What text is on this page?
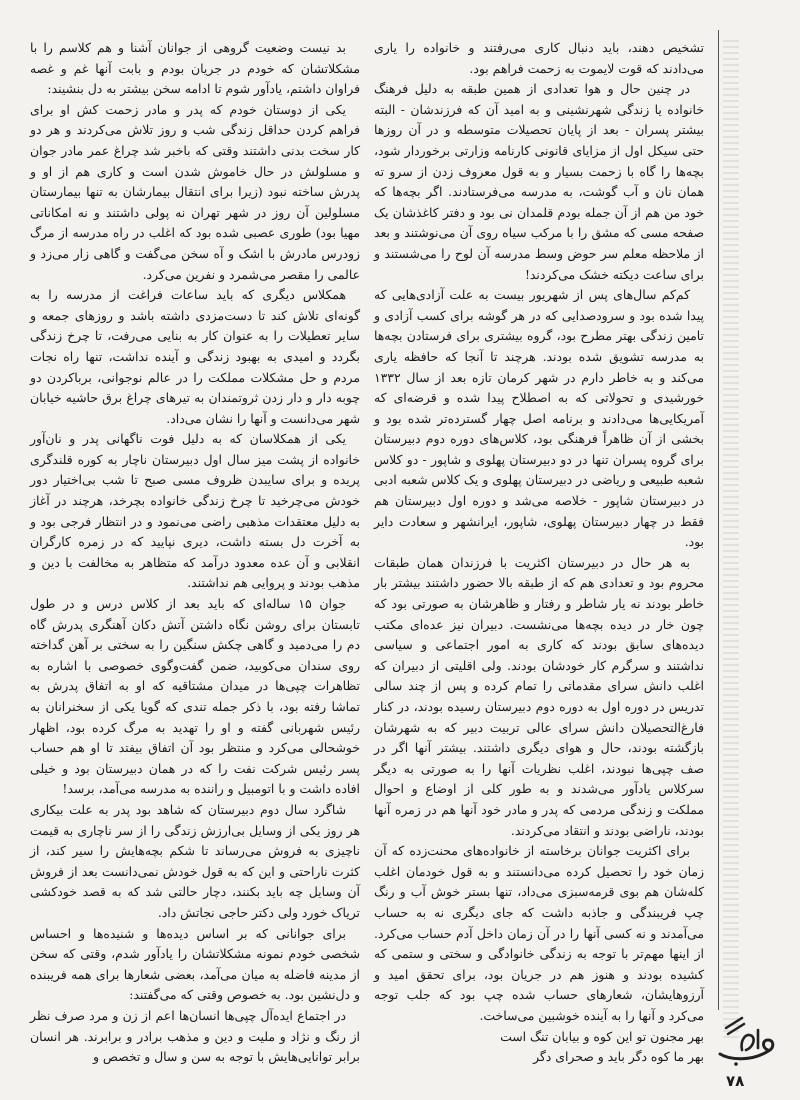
تشخیص دهند، باید دنبال کاری می‌رفتند و خانواده را یاری می‌دادند که قوت لایموت به زحمت فراهم بود.

در چنین حال و هوا تعدادی از همین طبقه به دلیل فرهنگ خانواده یا زندگی شهرنشینی و به امید آن که فرزندشان - البته بیشتر پسران - بعد از پایان تحصیلات متوسطه و در آن روزها حتی سیکل اول از مزایای قانونی کارنامه وزارتی برخوردار شود، بچه‌ها را گاه با زحمت بسیار و به قول معروف زدن از سرو ته همان نان و آب گوشت، به مدرسه می‌فرستادند. اگر بچه‌ها که خود من هم از آن جمله بودم قلمدان نی بود و دفتر کاغذشان یک صفحه مسی که مشق را با مرکب سیاه روی آن می‌نوشتند و بعد از ملاحظه معلم سر حوض وسط مدرسه آن لوح را می‌شستند و برای ساعت دیکته خشک می‌کردند!

کم‌کم سال‌های پس از شهریور بیست به علت آزادی‌هایی که پیدا شده بود و سرودصدایی که در هر گوشه برای کسب آزادی و تامین زندگی بهتر مطرح بود، گروه بیشتری برای فرستادن بچه‌ها به مدرسه تشویق شده بودند. هرچند تا آنجا که حافظه یاری می‌کند و به خاطر دارم در شهر کرمان تازه بعد از سال ۱۳۳۲ خورشیدی و تحولاتی که به اصطلاح پیدا شده و قرضه‌ای که آمریکایی‌ها می‌دادند و برنامه اصل چهار گسترده‌تر شده بود و بخشی از آن ظاهراً فرهنگی بود، کلاس‌های دوره دوم دبیرستان برای گروه پسران تنها در دو دبیرستان پهلوی و شاپور - دو کلاس شعبه طبیعی و ریاضی در دبیرستان پهلوی و یک کلاس شعبه ادبی در دبیرستان شاپور - خلاصه می‌شد و دوره اول دبیرستان هم فقط در چهار دبیرستان پهلوی، شاپور، ایرانشهر و سعادت دایر بود.

به هر حال در دبیرستان اکثریت با فرزندان همان طبقات محروم بود و تعدادی هم که از طبقه بالا حضور داشتند بیشتر بار خاطر بودند نه یار شاطر و رفتار و ظاهرشان به صورتی بود که چون خار در دیده بچه‌ها می‌نشست. دبیران نیز عده‌ای مکتب دیده‌های سابق بودند که کاری به امور اجتماعی و سیاسی نداشتند و سرگرم کار خودشان بودند. ولی اقلیتی از دبیران که اغلب دانش سرای مقدماتی را تمام کرده و پس از چند سالی تدریس در دوره اول به دوره دوم دبیرستان رسیده بودند، در کنار فارغ‌التحصیلان دانش سرای عالی تربیت دبیر که به شهرشان بازگشته بودند، حال و هوای دیگری داشتند. بیشتر آنها اگر در صف چپی‌ها نبودند، اغلب نظریات آنها را به صورتی به دیگر سرکلاس یادآور می‌شدند و به طور کلی از اوضاع و احوال مملکت و زندگی مردمی که پدر و مادر خود آنها هم در زمره آنها بودند، ناراضی بودند و انتقاد می‌کردند.

برای اکثریت جوانان برخاسته از خانواده‌های محنت‌زده که آن زمان خود را تحصیل کرده می‌دانستند و به قول خودمان اغلب کله‌شان هم بوی قرمه‌سبزی می‌داد، تنها بستر خوش آب و رنگ چپ فریبندگی و جاذبه داشت که جای دیگری نه به حساب می‌آمدند و نه کسی آنها را در آن زمان داخل آدم حساب می‌کرد. از اینها مهم‌تر با توجه به زندگی خانوادگی و سختی و ستمی که کشیده بودند و هنوز هم در جریان بود، برای تحقق امید و آرزوهایشان، شعارهای حساب شده چپ بود که جلب توجه می‌کرد و آنها را به آینده خوشبین می‌ساخت.

بهر مجنون تو این کوه و بیابان تنگ است

بهر ما کوه دگر باید و صحرای دگر

بد نیست وضعیت گروهی از جوانان آشنا و هم کلاسم را با مشکلاتشان که خودم در جریان بودم و بابت آنها غم و غصه فراوان داشتم، یادآور شوم تا ادامه سخن بیشتر به دل بنشیند:

یکی از دوستان خودم که پدر و مادر زحمت کش او برای فراهم کردن حداقل زندگی شب و روز تلاش می‌کردند و هر دو کار سخت بدنی داشتند وقتی که باخبر شد چراغ عمر مادر جوان و مسلولش در حال خاموش شدن است و کاری هم از او و پدرش ساخته نبود (زیرا برای انتقال بیمارشان به تنها بیمارستان مسلولین آن روز در شهر تهران نه پولی داشتند و نه امکاناتی مهیا بود) طوری عصبی شده بود که اغلب در راه مدرسه از مرگ زودرس مادرش با اشک و آه سخن می‌گفت و گاهی زار می‌زد و عالمی را مقصر می‌شمرد و نفرین می‌کرد.

همکلاس دیگری که باید ساعات فراغت از مدرسه را به گونه‌ای تلاش کند تا دست‌مزدی داشته باشد و روزهای جمعه و سایر تعطیلات را به عنوان کار به بنایی می‌رفت، تا چرخ زندگی بگردد و امیدی به بهبود زندگی و آینده نداشت، تنها راه نجات مردم و حل مشکلات مملکت را در عالم نوجوانی، برباکردن دو چوبه دار و دار زدن ثروتمندان به تیرهای چراغ برق حاشیه خیابان شهر می‌دانست و آنها را نشان می‌داد.

یکی از همکلاسان که به دلیل فوت ناگهانی پدر و نان‌آور خانواده از پشت میز سال اول دبیرستان ناچار به کوره قلندگری پریده و برای سایبدن ظروف مسی صبح تا شب بی‌اختیار دور خودش می‌چرخید تا چرخ زندگی خانواده بچرخد، هرچند در آغاز به دلیل معتقدات مذهبی راضی می‌نمود و در انتظار فرجی بود و به آخرت دل بسته داشت، دیری نپایید که در زمره کارگران انقلابی و آن عده معدود درآمد که متظاهر به مخالفت با دین و مذهب بودند و پروایی هم نداشتند.

جوان ۱۵ ساله‌ای که باید بعد از کلاس درس و در طول تابستان برای روشن نگاه داشتن آتش دکان آهنگری پدرش گاه دم را می‌دمید و گاهی چکش سنگین را به سختی بر آهن گداخته روی سندان می‌کوبید، ضمن گفت‌وگوی خصوصی با اشاره به تظاهرات چپی‌ها در میدان مشتاقیه که او به اتفاق پدرش به تماشا رفته بود، با ذکر جمله تندی که گویا یکی از سخنرانان به رئیس شهربانی گفته و او را تهدید به مرگ کرده بود، اظهار خوشحالی می‌کرد و منتظر بود آن اتفاق بیفتد تا او هم حساب پسر رئیس شرکت نفت را که در همان دبیرستان بود و خیلی افاده داشت و با اتومبیل و راننده به مدرسه می‌آمد، برسد!

شاگرد سال دوم دبیرستان که شاهد بود پدر به علت بیکاری هر روز یکی از وسایل بی‌ارزش زندگی را از سر ناچاری به قیمت ناچیزی به فروش می‌رساند تا شکم بچه‌هایش را سیر کند، از کثرت ناراحتی و این که به قول خودش نمی‌دانست بعد از فروش آن وسایل چه باید بکنند، دچار حالتی شد که به قصد خودکشی تریاک خورد ولی دکتر حاجی نجاتش داد.

برای جوانانی که بر اساس دیده‌ها و شنیده‌ها و احساس شخصی خودم نمونه مشکلاتشان را یادآور شدم، وقتی که سخن از مدینه فاضله به میان می‌آمد، بعضی شعارها برای همه فریبنده و دل‌نشین بود. به خصوص وقتی که می‌گفتند:

در اجتماع ایده‌آل چپی‌ها انسان‌ها اعم از زن و مرد صرف نظر از رنگ و نژاد و ملیت و دین و مذهب برادر و برابرند. هر انسان برابر توانایی‌هایش با توجه به سن و سال و تخصص و

۷۸
